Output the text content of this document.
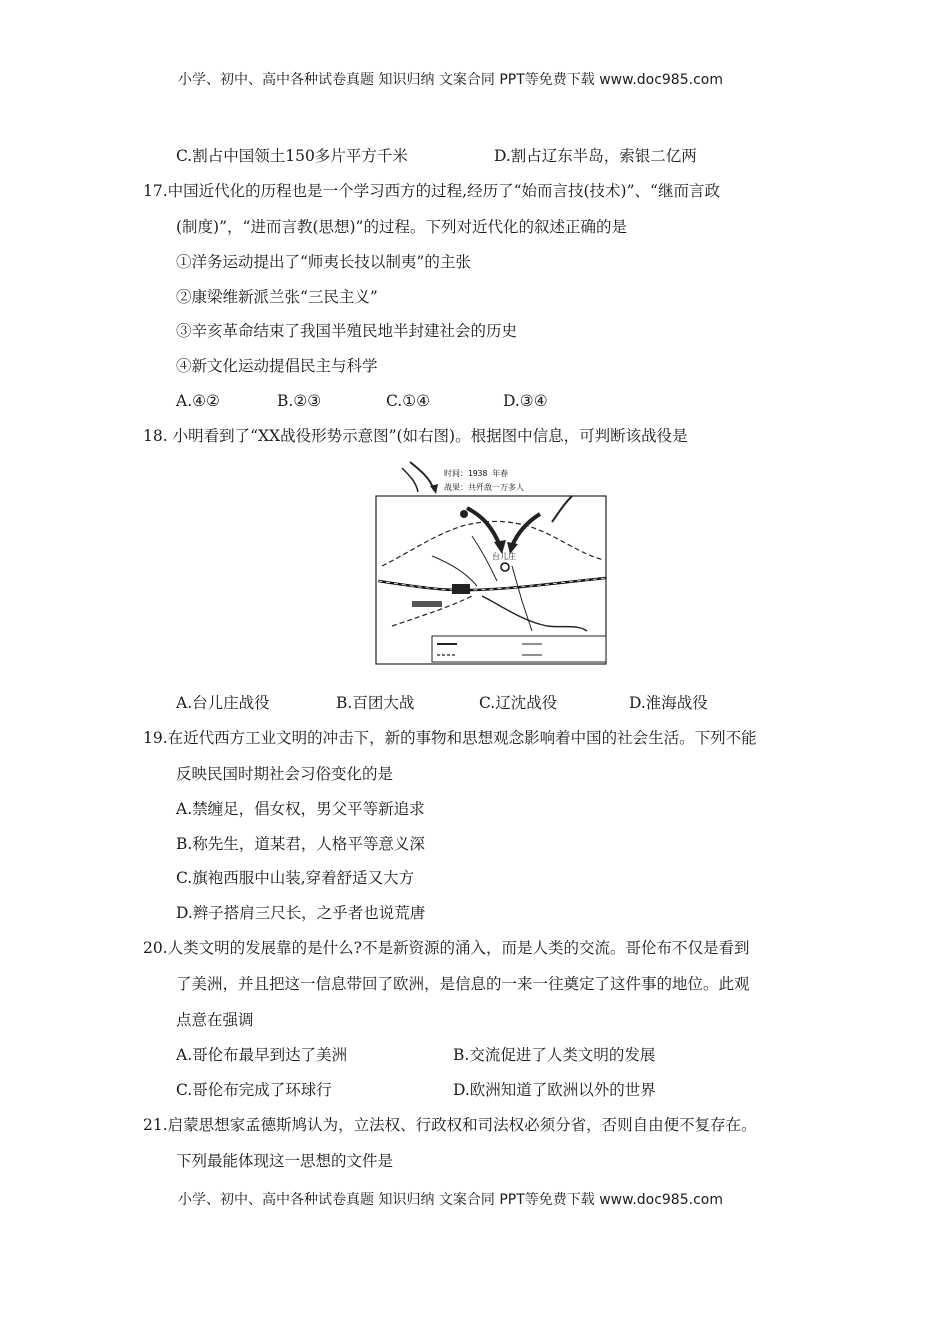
小学、初中、高中各种试卷真题 知识归纳 文案合同 PPT等免费下载 www.doc985.com
C.割占中国领土150多片平方千米	D.割占辽东半岛，索银二亿两
17.中国近代化的历程也是一个学习西方的过程,经历了“始而言技(技术)”、“继而言政
(制度)”，“进而言教(思想)”的过程。下列对近代化的叙述正确的是
①洋务运动提出了“师夷长技以制夷”的主张
②康梁维新派兰张“三民主义”
③辛亥革命结束了我国半殖民地半封建社会的历史
④新文化运动提倡民主与科学
A.④②	B.②③	C.①④	D.③④
18. 小明看到了“XX战役形势示意图”(如右图)。根据图中信息，可判断该战役是
时间：1938 年春
战果：共歼敌一万多人
台儿庄
A.台儿庄战役	B.百团大战	C.辽沈战役	D.淮海战役
19.在近代西方工业文明的冲击下，新的事物和思想观念影响着中国的社会生活。下列不能
反映民国时期社会习俗变化的是
A.禁缠足，倡女权，男父平等新追求
B.称先生，道某君，人格平等意义深
C.旗袍西服中山装,穿着舒适又大方
D.辫子搭肩三尺长，之乎者也说荒唐
20.人类文明的发展靠的是什么?不是新资源的涌入，而是人类的交流。哥伦布不仅是看到
了美洲，并且把这一信息带回了欧洲，是信息的一来一往奠定了这件事的地位。此观
点意在强调
A.哥伦布最早到达了美洲	B.交流促进了人类文明的发展
C.哥伦布完成了环球行	D.欧洲知道了欧洲以外的世界
21.启蒙思想家孟德斯鸠认为，立法权、行政权和司法权必须分省，否则自由便不复存在。
下列最能体现这一思想的文件是
小学、初中、高中各种试卷真题 知识归纳 文案合同 PPT等免费下载 www.doc985.com
